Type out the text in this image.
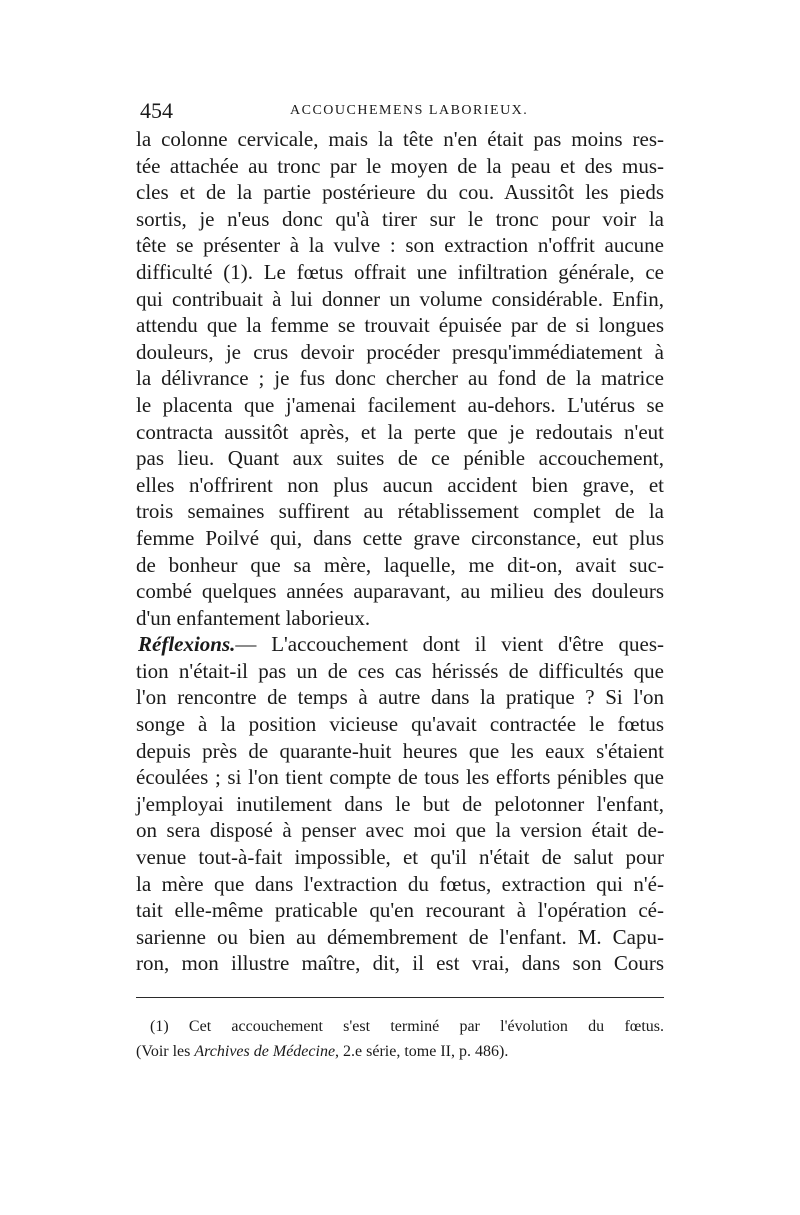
454	ACCOUCHEMENS LABORIEUX.
la colonne cervicale, mais la tête n'en était pas moins res-
tée attachée au tronc par le moyen de la peau et des mus-
cles et de la partie postérieure du cou. Aussitôt les pieds
sortis, je n'eus donc qu'à tirer sur le tronc pour voir la
tête se présenter à la vulve : son extraction n'offrit aucune
difficulté (1). Le fœtus offrait une infiltration générale, ce
qui contribuait à lui donner un volume considérable. Enfin,
attendu que la femme se trouvait épuisée par de si longues
douleurs, je crus devoir procéder presqu'immédiatement à
la délivrance ; je fus donc chercher au fond de la matrice
le placenta que j'amenai facilement au-dehors. L'utérus se
contracta aussitôt après, et la perte que je redoutais n'eut
pas lieu. Quant aux suites de ce pénible accouchement,
elles n'offrirent non plus aucun accident bien grave, et
trois semaines suffirent au rétablissement complet de la
femme Poilvé qui, dans cette grave circonstance, eut plus
de bonheur que sa mère, laquelle, me dit-on, avait suc-
combé quelques années auparavant, au milieu des douleurs
d'un enfantement laborieux.
Réflexions.— L'accouchement dont il vient d'être ques-
tion n'était-il pas un de ces cas hérissés de difficultés que
l'on rencontre de temps à autre dans la pratique ? Si l'on
songe à la position vicieuse qu'avait contractée le fœtus
depuis près de quarante-huit heures que les eaux s'étaient
écoulées ; si l'on tient compte de tous les efforts pénibles que
j'employai inutilement dans le but de pelotonner l'enfant,
on sera disposé à penser avec moi que la version était de-
venue tout-à-fait impossible, et qu'il n'était de salut pour
la mère que dans l'extraction du fœtus, extraction qui n'é-
tait elle-même praticable qu'en recourant à l'opération cé-
sarienne ou bien au démembrement de l'enfant. M. Capu-
ron, mon illustre maître, dit, il est vrai, dans son Cours
(1) Cet accouchement s'est terminé par l'évolution du fœtus.
(Voir les Archives de Médecine, 2.e série, tome II, p. 486).
